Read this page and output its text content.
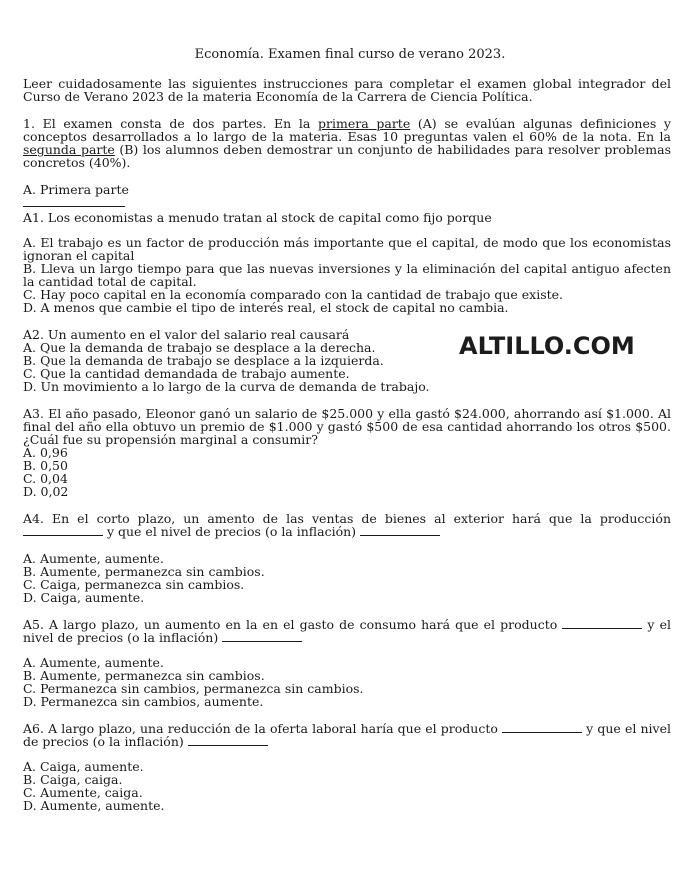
Economía. Examen final curso de verano 2023.
ALTILLO.COM

Leer cuidadosamente las siguientes instrucciones para completar el examen global integrador del Curso de Verano 2023 de la materia Economía de la Carrera de Ciencia Política.

1. El examen consta de dos partes. En la primera parte (A) se evalúan algunas definiciones y conceptos desarrollados a lo largo de la materia. Esas 10 preguntas valen el 60% de la nota. En la segunda parte (B) los alumnos deben demostrar un conjunto de habilidades para resolver problemas concretos (40%).

A. Primera parte

A1. Los economistas a menudo tratan al stock de capital como fijo porque

A. El trabajo es un factor de producción más importante que el capital, de modo que los economistas ignoran el capital

B. Lleva un largo tiempo para que las nuevas inversiones y la eliminación del capital antiguo afecten la cantidad total de capital.

C. Hay poco capital en la economía comparado con la cantidad de trabajo que existe.

D. A menos que cambie el tipo de interés real, el stock de capital no cambia.

A2. Un aumento en el valor del salario real causará

A. Que la demanda de trabajo se desplace a la derecha.

B. Que la demanda de trabajo se desplace a la izquierda.

C. Que la cantidad demandada de trabajo aumente.

D. Un movimiento a lo largo de la curva de demanda de trabajo.

A3. El año pasado, Eleonor ganó un salario de $25.000 y ella gastó $24.000, ahorrando así $1.000. Al final del año ella obtuvo un premio de $1.000 y gastó $500 de esa cantidad ahorrando los otros $500. ¿Cuál fue su propensión marginal a consumir?

A. 0,96

B. 0,50

C. 0,04

D. 0,02

A4. En el corto plazo, un amento de las ventas de bienes al exterior hará que la producción  y que el nivel de precios (o la inflación)

A. Aumente, aumente.

B. Aumente, permanezca sin cambios.

C. Caiga, permanezca sin cambios.

D. Caiga, aumente.

A5. A largo plazo, un aumento en la en el gasto de consumo hará que el producto	y el nivel de precios (o la inflación)

A. Aumente, aumente.

B. Aumente, permanezca sin cambios.

C. Permanezca sin cambios, permanezca sin cambios.

D. Permanezca sin cambios, aumente.

A6. A largo plazo, una reducción de la oferta laboral haría que el producto	y que el nivel de precios (o la inflación)

A. Caiga, aumente.

B. Caiga, caiga.

C. Aumente, caiga.

D. Aumente, aumente.
